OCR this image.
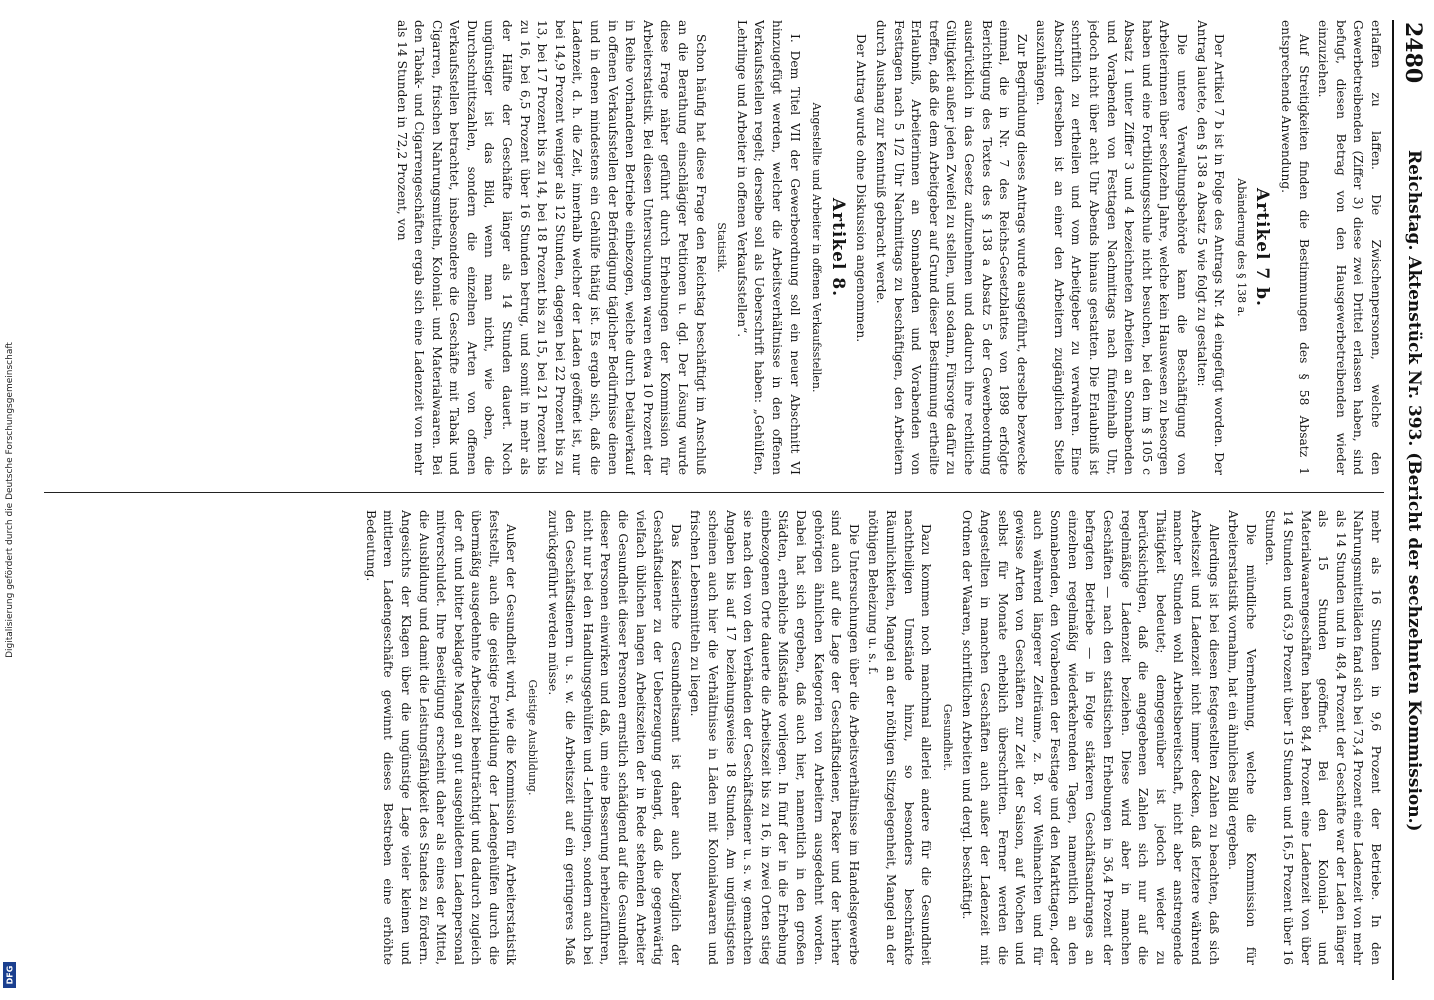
Digitalisierung gefördert durch die Deutsche Forschungsgemeinschaft
DFG
2480
Reichstag. Aktenstück Nr. 393. (Bericht der sechzehnten Kommission.)

erlaffen zu laffen. Die Zwischenpersonen, welche den Gewerbetreibenden (Ziffer 3) diese zwei Drittel erlassen haben, sind befugt, diesen Betrag von den Hausgewerbetreibenden wieder einzuziehen.

Auf Streitigkeiten finden die Bestimmungen des § 58 Absatz 1 entsprechende Anwendung.

Artikel 7 b.
Abänderung des § 138 a.

Der Artikel 7 b ist in Folge des Antrags Nr. 44 eingefügt worden. Der Antrag lautete, den § 138 a Absatz 5 wie folgt zu gestalten:

Die untere Verwaltungsbehörde kann die Beschäftigung von Arbeiterinnen über sechzehn Jahre, welche kein Hauswesen zu besorgen haben und eine Fortbildungsschule nicht besuchen, bei den im § 105 c Absatz 1 unter Ziffer 3 und 4 bezeichneten Arbeiten an Sonnabenden und Vorabenden von Festtagen Nachmittags nach fünfeinhalb Uhr, jedoch nicht über acht Uhr Abends hinaus gestatten. Die Erlaubniß ist schriftlich zu ertheilen und vom Arbeitgeber zu verwahren. Eine Abschrift derselben ist an einer den Arbeitern zugänglichen Stelle auszuhängen.

Zur Begründung dieses Antrags wurde ausgeführt, derselbe bezwecke einmal, die in Nr. 7 des Reichs-Gesetzblattes von 1898 erfolgte Berichtigung des Textes des § 138 a Absatz 5 der Gewerbeordnung ausdrücklich in das Gesetz aufzunehmen und dadurch ihre rechtliche Gültigkeit außer jeden Zweifel zu stellen, und sodann, Fürsorge dafür zu treffen, daß die dem Arbeitgeber auf Grund dieser Bestimmung ertheilte Erlaubniß, Arbeiterinnen an Sonnabenden und Vorabenden von Festtagen nach 5 1/2 Uhr Nachmittags zu beschäftigen, den Arbeitern durch Aushang zur Kenntniß gebracht werde.

Der Antrag wurde ohne Diskussion angenommen.

Artikel 8.
Angestellte und Arbeiter in offenen Verkaufsstellen.

I. Dem Titel VII der Gewerbeordnung soll ein neuer Abschnitt VI hinzugefügt werden, welcher die Arbeitsverhältnisse in den offenen Verkaufsstellen regelt; derselbe soll als Ueberschrift haben: „Gehülfen, Lehrlinge und Arbeiter in offenen Verkaufsstellen“.

Statistik.

Schon häufig hat diese Frage den Reichstag beschäftigt im Anschluß an die Berathung einschlägiger Petitionen u. dgl. Der Lösung wurde diese Frage näher geführt durch Erhebungen der Kommission für Arbeiterstatistik. Bei diesen Untersuchungen waren etwa 10 Prozent der in Reihe vorhandenen Betriebe einbezogen, welche durch Detailverkauf in offenen Verkaufsstellen der Befriedigung täglicher Bedürfnisse dienen und in denen mindestens ein Gehülfe thätig ist. Es ergab sich, daß die Ladenzeit, d. h. die Zeit, innerhalb welcher der Laden geöffnet ist, nur bei 14,9 Prozent weniger als 12 Stunden, dagegen bei 22 Prozent bis zu 13, bei 17 Prozent bis zu 14, bei 18 Prozent bis zu 15, bei 21 Prozent bis zu 16, bei 6,5 Prozent über 16 Stunden betrug, und somit in mehr als der Hälfte der Geschäfte länger als 14 Stunden dauert. Noch ungünstiger ist das Bild, wenn man nicht, wie oben, die Durchschnittszahlen, sondern die einzelnen Arten von offenen Verkaufsstellen betrachtet, insbesondere die Geschäfte mit Tabak und Cigarren, frischen Nahrungsmitteln, Kolonial- und Materialwaaren. Bei den Tabak- und Cigarrengeschäften ergab sich eine Ladenzeit von mehr als 14 Stunden in 72,2 Prozent, von

mehr als 16 Stunden in 9,6 Prozent der Betriebe. In den Nahrungsmittelläden fand sich bei 73,4 Prozent eine Ladenzeit von mehr als 14 Stunden und in 48,4 Prozent der Geschäfte war der Laden länger als 15 Stunden geöffnet. Bei den Kolonial- und Materialwaarengeschäften haben 84,4 Prozent eine Ladenzeit von über 14 Stunden und 63,9 Prozent über 15 Stunden und 16,5 Prozent über 16 Stunden.

Die mündliche Vernehmung, welche die Kommission für Arbeiterstatistik vornahm, hat ein ähnliches Bild ergeben.

Allerdings ist bei diesen festgestellten Zahlen zu beachten, daß sich Arbeitszeit und Ladenzeit nicht immer decken, daß letztere während mancher Stunden wohl Arbeitsbereitschaft, nicht aber anstrengende Thätigkeit bedeutet; demgegenüber ist jedoch wieder zu berücksichtigen, daß die angegebenen Zahlen sich nur auf die regelmäßige Ladenzeit beziehen. Diese wird aber in manchen Geschäften — nach den statistischen Erhebungen in 36,4 Prozent der befragten Betriebe — in Folge stärkeren Geschäftsandranges an einzelnen regelmäßig wiederkehrenden Tagen, namentlich an den Sonnabenden, den Vorabenden der Festtage und den Markttagen, oder auch während längerer Zeiträume, z. B. vor Weihnachten und für gewisse Arten von Geschäften zur Zeit der Saison, auf Wochen und selbst für Monate erheblich überschritten. Ferner werden die Angestellten in manchen Geschäften auch außer der Ladenzeit mit Ordnen der Waaren, schriftlichen Arbeiten und dergl. beschäftigt.

Gesundheit.

Dazu kommen noch manchmal allerlei andere für die Gesundheit nachtheiligen Umstände hinzu, so besonders beschränkte Räumlichkeiten, Mangel an der nöthigen Sitzgelegenheit, Mangel an der nöthigen Beheizung u. s. f.

Die Untersuchungen über die Arbeitsverhältnisse im Handelsgewerbe sind auch auf die Lage der Geschäftsdiener, Packer und der hierher gehörigen ähnlichen Kategorien von Arbeitern ausgedehnt worden. Dabei hat sich ergeben, daß auch hier, namentlich in den großen Städten, erhebliche Mißstände vorliegen. In fünf der in die Erhebung einbezogenen Orte dauerte die Arbeitszeit bis zu 16, in zwei Orten stieg sie nach den von den Verbänden der Geschäftsdiener u. s. w. gemachten Angaben bis auf 17 beziehungsweise 18 Stunden. Am ungünstigsten scheinen auch hier die Verhältnisse in Läden mit Kolonialwaaren und frischen Lebensmitteln zu liegen.

Das Kaiserliche Gesundheitsamt ist daher auch bezüglich der Geschäftsdiener zu der Ueberzeugung gelangt, daß die gegenwärtig vielfach üblichen langen Arbeitszeiten der in Rede stehenden Arbeiter die Gesundheit dieser Personen ernstlich schädigend auf die Gesundheit dieser Personen einwirken und daß, um eine Besserung herbeizuführen, nicht nur bei den Handlungsgehülfen und -Lehrlingen, sondern auch bei den Geschäftsdienern u. s. w. die Arbeitszeit auf ein geringeres Maß zurückgeführt werden müsse.

Geistige Ausbildung.

Außer der Gesundheit wird, wie die Kommission für Arbeiterstatistik feststellt, auch die geistige Fortbildung der Ladengehülfen durch die übermäßig ausgedehnte Arbeitszeit beeinträchtigt und dadurch zugleich der oft und bitter beklagte Mangel an gut ausgebildetem Ladenpersonal mitverschuldet. Ihre Beseitigung erscheint daher als eines der Mittel, die Ausbildung und damit die Leistungsfähigkeit des Standes zu fördern. Angesichts der Klagen über die ungünstige Lage vieler kleinen und mittleren Ladengeschäfte gewinnt dieses Bestreben eine erhöhte Bedeutung.
